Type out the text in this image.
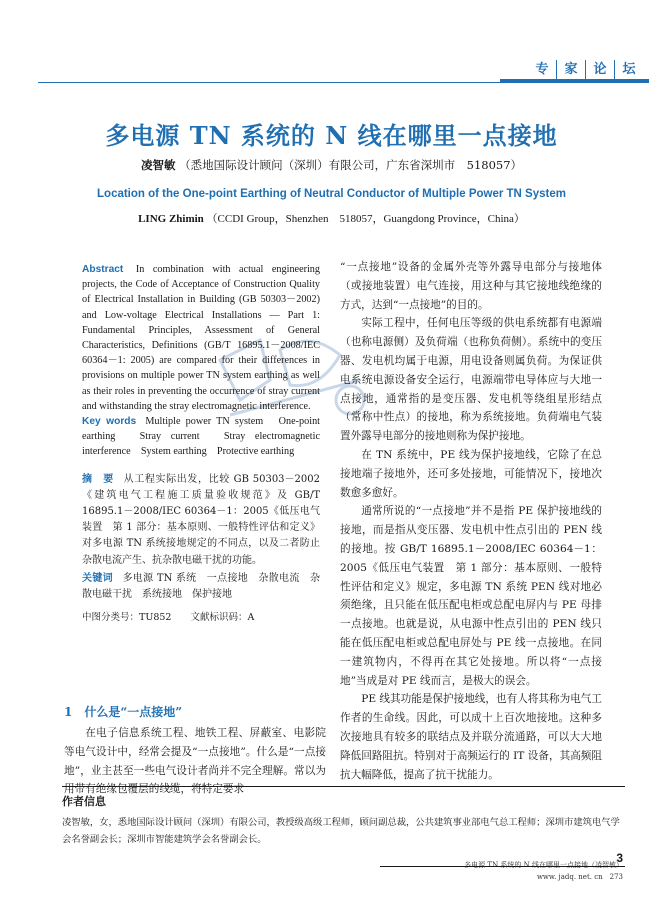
专	家	论	坛
多电源 TN 系统的 N 线在哪里一点接地
凌智敏 （悉地国际设计顾问（深圳）有限公司，广东省深圳市　518057）
Location of the One-point Earthing of Neutral Conductor of Multiple Power TN System
LING Zhimin （CCDI Group，Shenzhen　518057，Guangdong Province，China）

Abstract In combination with actual engineering projects, the Code of Acceptance of Construction Quality of Electrical Installation in Building (GB 50303－2002) and Low-voltage Electrical Installations — Part 1: Fundamental Principles, Assessment of General Characteristics, Definitions (GB/T 16895.1－2008/IEC 60364－1: 2005) are compared for their differences in provisions on multiple power TN system earthing as well as their roles in preventing the occurrence of stray current and withstanding the stray electromagnetic interference.

Key words Multiple power TN system　One-point earthing　Stray current　Stray electromagnetic interference　System earthing　Protective earthing

摘　要 从工程实际出发，比较 GB 50303－2002《建筑电气工程施工质量验收规范》及 GB/T 16895.1－2008/IEC 60364－1：2005《低压电气装置　第 1 部分：基本原则、一般特性评估和定义》对多电源 TN 系统接地规定的不同点，以及二者防止杂散电流产生、抗杂散电磁干扰的功能。

关键词 多电源 TN 系统　一点接地　杂散电流　杂散电磁干扰　系统接地　保护接地

中图分类号：TU852　　文献标识码：A
1　什么是“一点接地”
在电子信息系统工程、地铁工程、屏蔽室、电影院等电气设计中，经常会提及“一点接地”。什么是“一点接地”，业主甚至一些电气设计者尚并不完全理解。常以为用带有绝缘包覆层的线缆，将特定要求

“一点接地”设备的金属外壳等外露导电部分与接地体（或接地装置）电气连接，用这种与其它接地线绝缘的方式，达到“一点接地”的目的。

实际工程中，任何电压等级的供电系统都有电源端（也称电源侧）及负荷端（也称负荷侧）。系统中的变压器、发电机均属于电源，用电设备则属负荷。为保证供电系统电源设备安全运行，电源端带电导体应与大地一点接地，通常指的是变压器、发电机等绕组星形结点（常称中性点）的接地，称为系统接地。负荷端电气装置外露导电部分的接地则称为保护接地。

在 TN 系统中，PE 线为保护接地线，它除了在总接地端子接地外，还可多处接地，可能情况下，接地次数愈多愈好。

通常所说的“一点接地”并不是指 PE 保护接地线的接地，而是指从变压器、发电机中性点引出的 PEN 线的接地。按 GB/T 16895.1－2008/IEC 60364－1：2005《低压电气装置　第 1 部分：基本原则、一般特性评估和定义》规定，多电源 TN 系统 PEN 线对地必须绝缘，且只能在低压配电柜或总配电屏内与 PE 母排一点接地。也就是说，从电源中性点引出的 PEN 线只能在低压配电柜或总配电屏处与 PE 线一点接地。在同一建筑物内，不得再在其它处接地。所以将“一点接地”当成是对 PE 线而言，是极大的误会。

PE 线其功能是保护接地线，也有人将其称为电气工作者的生命线。因此，可以成十上百次地接地。这种多次接地具有较多的联结点及并联分流通路，可以大大地降低回路阻抗。特别对于高频运行的 IT 设备，其高频阻抗大幅降低，提高了抗干扰能力。

作者信息
凌智敏，女，悉地国际设计顾问（深圳）有限公司，教授级高级工程师，顾问副总裁，公共建筑事业部电气总工程师；深圳市建筑电气学会名誉副会长；深圳市智能建筑学会名誉副会长。
3
多电源 TN 系统的 N 线在哪里一点接地（凌智敏）
www. jadq. net. cn　273
